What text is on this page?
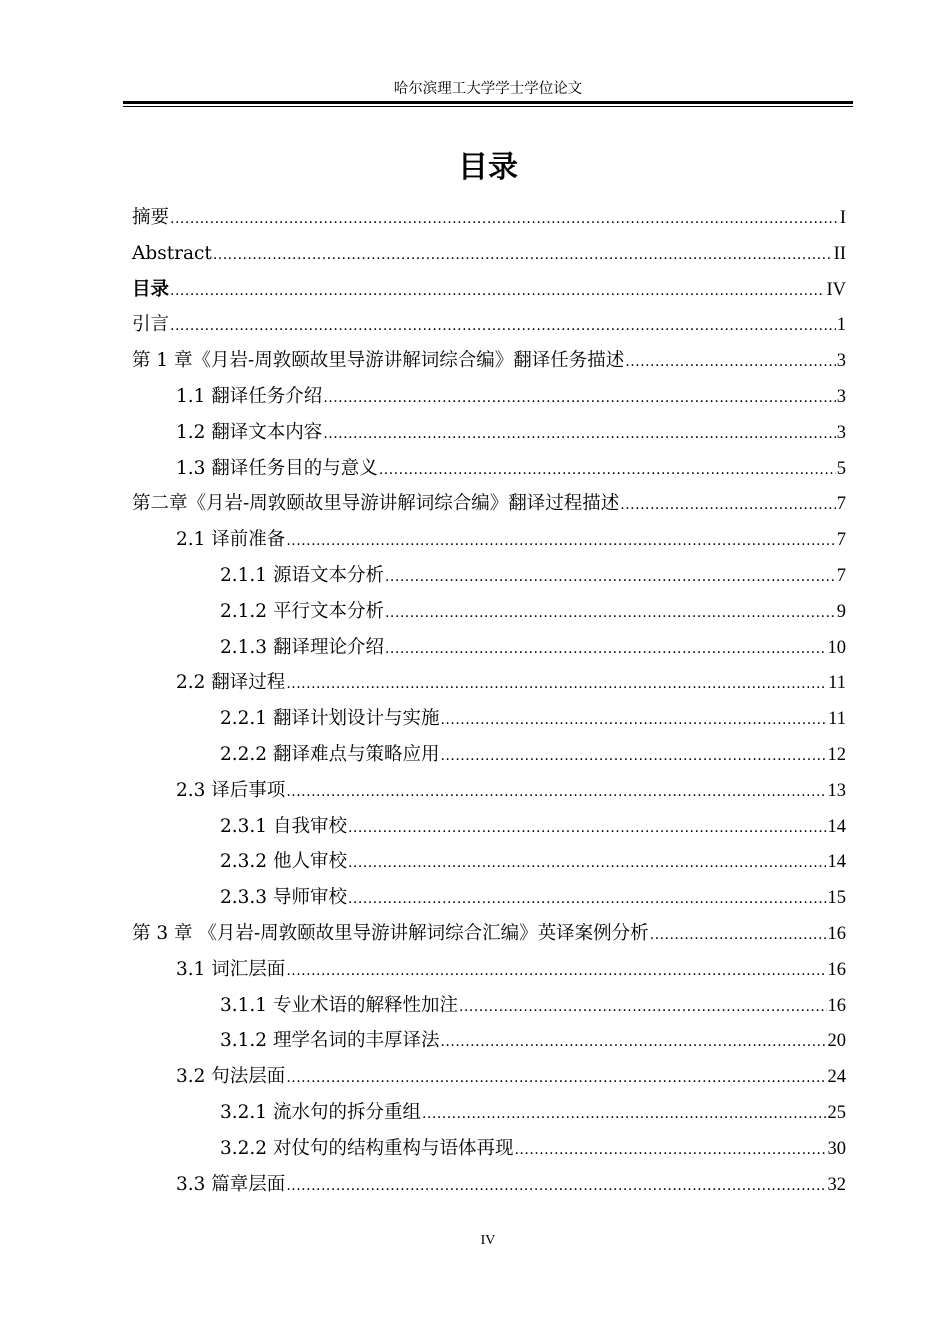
哈尔滨理工大学学士学位论文
目录
摘要 .....	I
Abstract .....	II
目录 .....	IV
引言 .....	1
第 1 章《月岩-周敦颐故里导游讲解词综合编》翻译任务描述 .....	3
1.1 翻译任务介绍 .....	3
1.2 翻译文本内容 .....	3
1.3 翻译任务目的与意义 .....	5
第二章《月岩-周敦颐故里导游讲解词综合编》翻译过程描述 .....	7
2.1 译前准备 .....	7
2.1.1 源语文本分析 .....	7
2.1.2 平行文本分析 .....	9
2.1.3 翻译理论介绍 .....	10
2.2 翻译过程 .....	11
2.2.1 翻译计划设计与实施 .....	11
2.2.2 翻译难点与策略应用 .....	12
2.3 译后事项 .....	13
2.3.1 自我审校 .....	14
2.3.2 他人审校 .....	14
2.3.3 导师审校 .....	15
第 3 章 《月岩-周敦颐故里导游讲解词综合汇编》英译案例分析 .....	16
3.1 词汇层面 .....	16
3.1.1 专业术语的解释性加注 .....	16
3.1.2 理学名词的丰厚译法 .....	20
3.2 句法层面 .....	24
3.2.1 流水句的拆分重组 .....	25
3.2.2 对仗句的结构重构与语体再现 .....	30
3.3 篇章层面 .....	32
IV
